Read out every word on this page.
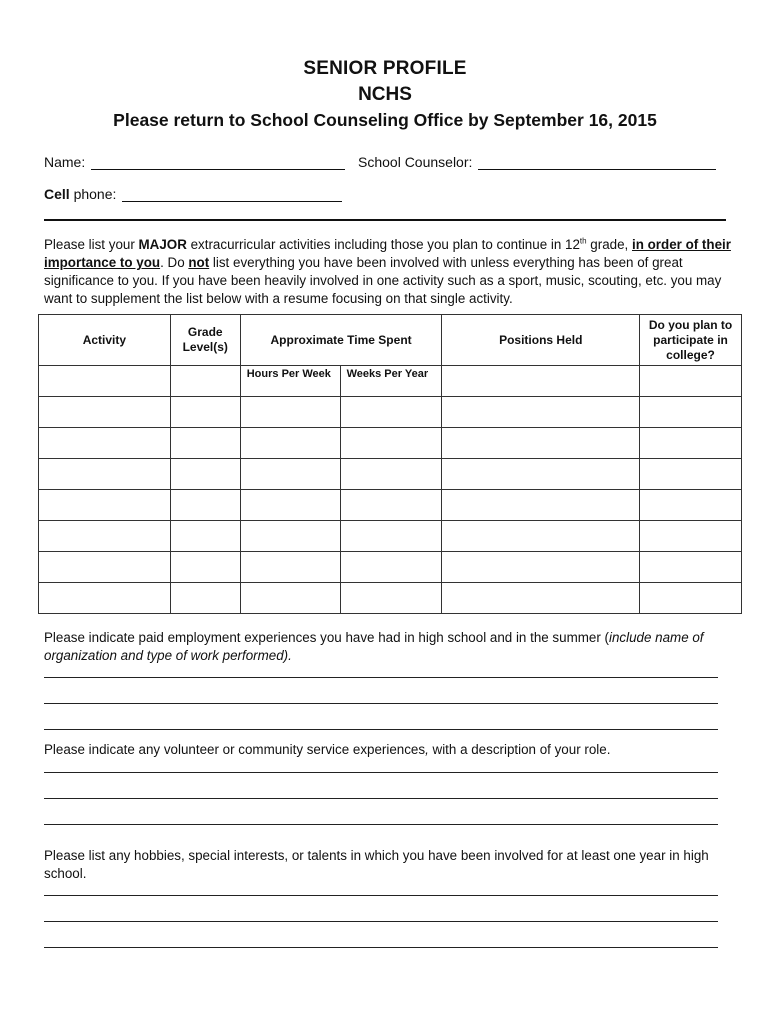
SENIOR PROFILE
NCHS
Please return to School Counseling Office by September 16, 2015
Name:	School Counselor:
Cell phone:
Please list your MAJOR extracurricular activities including those you plan to continue in 12th grade, in order of their importance to you. Do not list everything you have been involved with unless everything has been of great significance to you. If you have been heavily involved in one activity such as a sport, music, scouting, etc. you may want to supplement the list below with a resume focusing on that single activity.
Activity	Grade Level(s)	Approximate Time Spent		Positions Held	Do you plan to participate in college?
		Hours Per Week	Weeks Per Year		

Please indicate paid employment experiences you have had in high school and in the summer (include name of organization and type of work performed).
Please indicate any volunteer or community service experiences, with a description of your role.
Please list any hobbies, special interests, or talents in which you have been involved for at least one year in high school.
